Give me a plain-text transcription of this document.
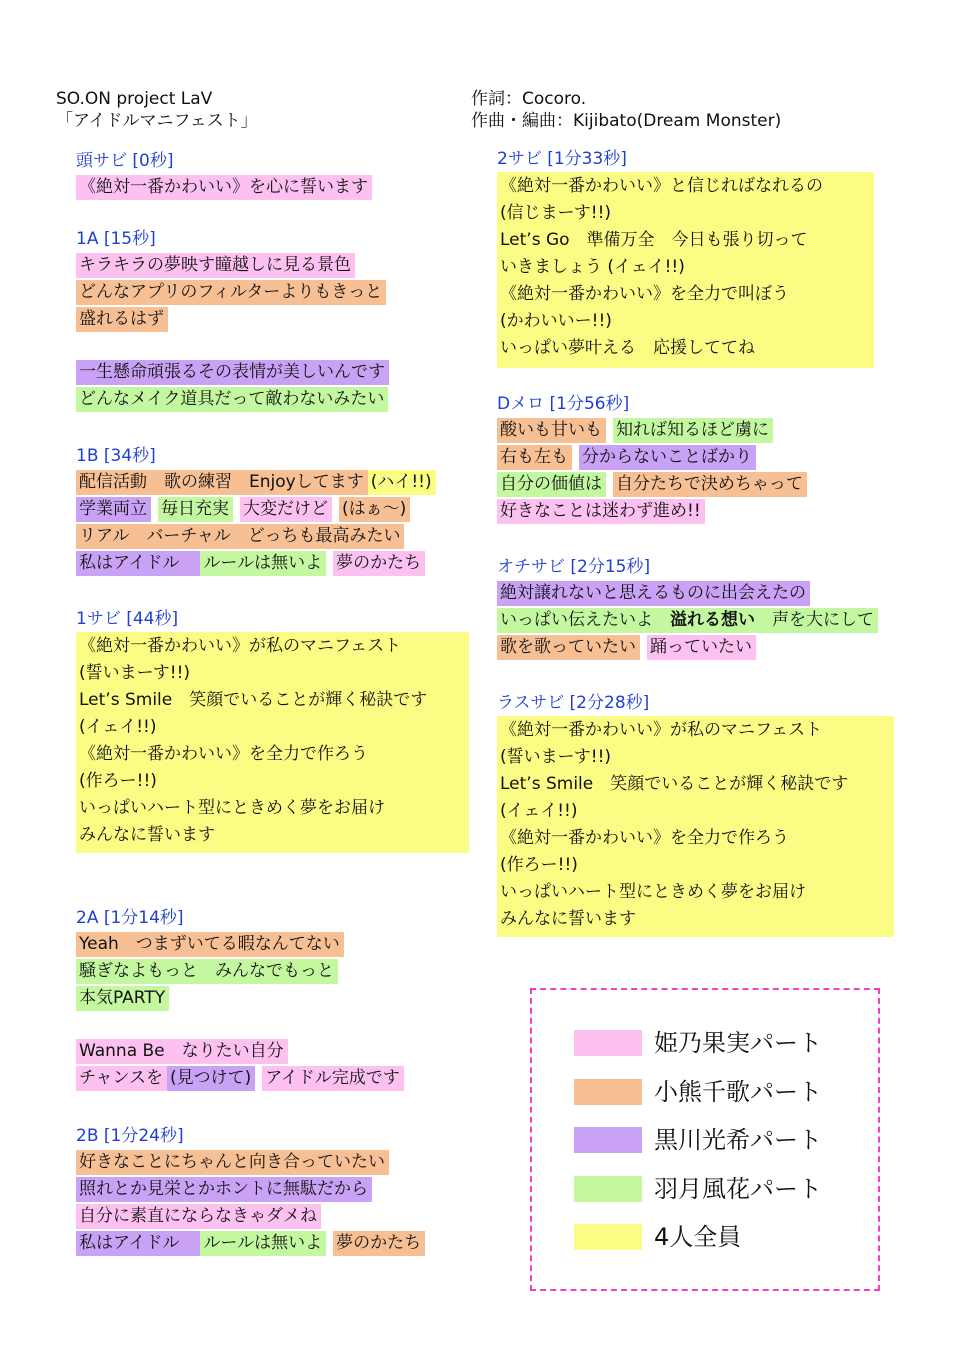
SO.ON project LaV
「アイドルマニフェスト」
作詞：Cocoro.
作曲・編曲：Kijibato(Dream Monster)
頭サビ [0秒]
《絶対一番かわいい》を心に誓います
1A [15秒]
キラキラの夢映す瞳越しに見る景色
どんなアプリのフィルターよりもきっと
盛れるはず
一生懸命頑張るその表情が美しいんです
どんなメイク道具だって敵わないみたい
1B [34秒]
配信活動　歌の練習　Enjoyしてます (ハイ!!)
学業両立 毎日充実 大変だけど (はぁ〜)
リアル　バーチャル　どっちも最高みたい
私はアイドル　ルールは無いよ 夢のかたち
1サビ [44秒]
《絶対一番かわいい》が私のマニフェスト
(誓いまーす!!)
Let’s Smile　笑顔でいることが輝く秘訣です
(イェイ!!)
《絶対一番かわいい》を全力で作ろう
(作ろー!!)
いっぱいハート型にときめく夢をお届け
みんなに誓います
2A [1分14秒]
Yeah　つまずいてる暇なんてない
騒ぎなよもっと　みんなでもっと
本気PARTY
Wanna Be　なりたい自分
チャンスを (見つけて) アイドル完成です
2B [1分24秒]
好きなことにちゃんと向き合っていたい
照れとか見栄とかホントに無駄だから
自分に素直にならなきゃダメね
私はアイドル　ルールは無いよ 夢のかたち
2サビ [1分33秒]
《絶対一番かわいい》と信じればなれるの
(信じまーす!!)
Let’s Go　準備万全　今日も張り切って
いきましょう (イェイ!!)
《絶対一番かわいい》を全力で叫ぼう
(かわいいー!!)
いっぱい夢叶える　応援しててね
Dメロ [1分56秒]
酸いも甘いも 知れば知るほど虜に
右も左も 分からないことばかり
自分の価値は 自分たちで決めちゃって
好きなことは迷わず進め!!
オチサビ [2分15秒]
絶対譲れないと思えるものに出会えたの
いっぱい伝えたいよ　溢れる想い　声を大にして
歌を歌っていたい 踊っていたい
ラスサビ [2分28秒]
《絶対一番かわいい》が私のマニフェスト
(誓いまーす!!)
Let’s Smile　笑顔でいることが輝く秘訣です
(イェイ!!)
《絶対一番かわいい》を全力で作ろう
(作ろー!!)
いっぱいハート型にときめく夢をお届け
みんなに誓います
姫乃果実パート
小熊千歌パート
黒川光希パート
羽月風花パート
4人全員
